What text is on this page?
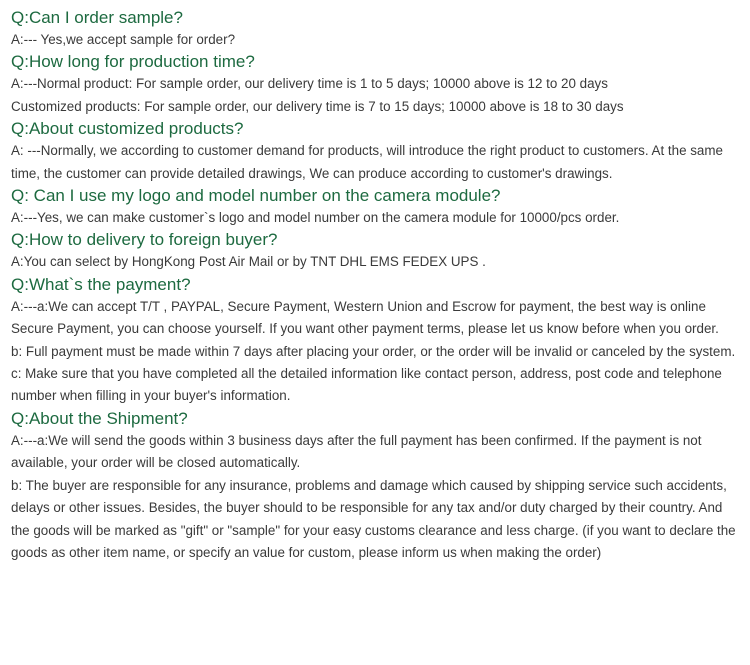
Q:Can I order sample?

A:--- Yes,we accept sample for order?

Q:How long for production time?

A:---Normal product: For sample order, our delivery time is 1 to 5 days; 10000 above is 12 to 20 days

Customized products: For sample order, our delivery time is 7 to 15 days; 10000 above is 18 to 30 days

Q:About customized products?

A: ---Normally, we according to customer demand for products, will introduce the right product to customers. At the same time, the customer can provide detailed drawings, We can produce according to customer's drawings.

Q: Can I use my logo and model number on the camera module?

A:---Yes, we can make customer`s logo and model number on the camera module for 10000/pcs order.

Q:How to delivery to foreign buyer?

A:You can select by HongKong Post Air Mail or by TNT DHL EMS FEDEX UPS .

Q:What`s the payment?

A:---a:We can accept T/T , PAYPAL, Secure Payment, Western Union and Escrow for payment, the best way is online Secure Payment, you can choose yourself. If you want other payment terms, please let us know before when you order.

b: Full payment must be made within 7 days after placing your order, or the order will be invalid or canceled by the system.

c: Make sure that you have completed all the detailed information like contact person, address, post code and telephone number when filling in your buyer's information.

Q:About the Shipment?

A:---a:We will send the goods within 3 business days after the full payment has been confirmed. If the payment is not available, your order will be closed automatically.

b: The buyer are responsible for any insurance, problems and damage which caused by shipping service such accidents, delays or other issues. Besides, the buyer should to be responsible for any tax and/or duty charged by their country. And the goods will be marked as "gift" or "sample" for your easy customs clearance and less charge. (if you want to declare the goods as other item name, or specify an value for custom, please inform us when making the order)
